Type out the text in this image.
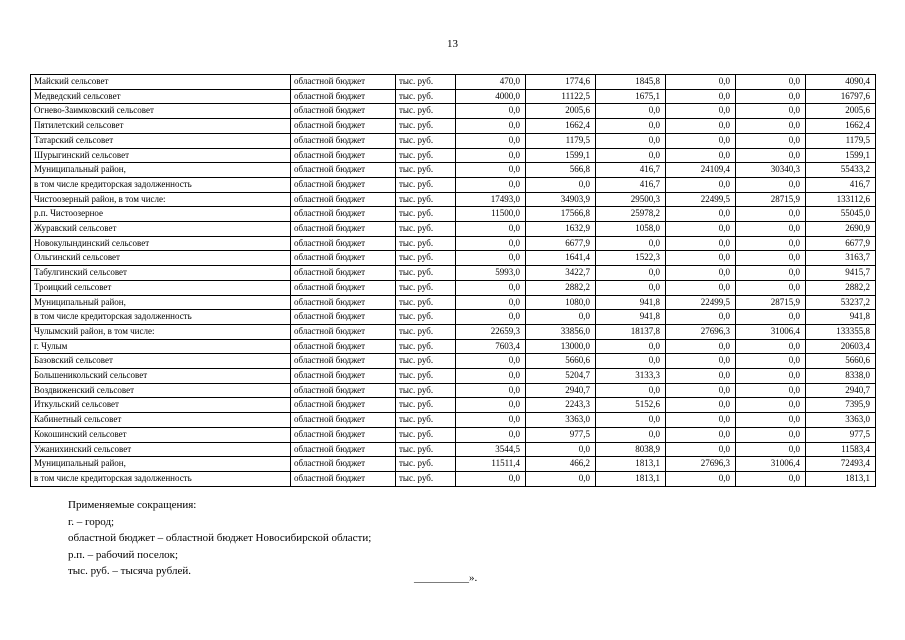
13
Майский сельсовет	областной бюджет	тыс. руб.	470,0	1774,6	1845,8	0,0	0,0	4090,4
Медведский сельсовет	областной бюджет	тыс. руб.	4000,0	11122,5	1675,1	0,0	0,0	16797,6
Огнево-Заимковский сельсовет	областной бюджет	тыс. руб.	0,0	2005,6	0,0	0,0	0,0	2005,6
Пятилетский сельсовет	областной бюджет	тыс. руб.	0,0	1662,4	0,0	0,0	0,0	1662,4
Татарский сельсовет	областной бюджет	тыс. руб.	0,0	1179,5	0,0	0,0	0,0	1179,5
Шурыгинский сельсовет	областной бюджет	тыс. руб.	0,0	1599,1	0,0	0,0	0,0	1599,1
Муниципальный район,	областной бюджет	тыс. руб.	0,0	566,8	416,7	24109,4	30340,3	55433,2
в том числе кредиторская задолженность	областной бюджет	тыс. руб.	0,0	0,0	416,7	0,0	0,0	416,7
Чистоозерный район, в том числе:	областной бюджет	тыс. руб.	17493,0	34903,9	29500,3	22499,5	28715,9	133112,6
р.п. Чистоозерное	областной бюджет	тыс. руб.	11500,0	17566,8	25978,2	0,0	0,0	55045,0
Журавский сельсовет	областной бюджет	тыс. руб.	0,0	1632,9	1058,0	0,0	0,0	2690,9
Новокулындинский сельсовет	областной бюджет	тыс. руб.	0,0	6677,9	0,0	0,0	0,0	6677,9
Ольгинский сельсовет	областной бюджет	тыс. руб.	0,0	1641,4	1522,3	0,0	0,0	3163,7
Табулгинский сельсовет	областной бюджет	тыс. руб.	5993,0	3422,7	0,0	0,0	0,0	9415,7
Троицкий сельсовет	областной бюджет	тыс. руб.	0,0	2882,2	0,0	0,0	0,0	2882,2
Муниципальный район,	областной бюджет	тыс. руб.	0,0	1080,0	941,8	22499,5	28715,9	53237,2
в том числе кредиторская задолженность	областной бюджет	тыс. руб.	0,0	0,0	941,8	0,0	0,0	941,8
Чулымский район, в том числе:	областной бюджет	тыс. руб.	22659,3	33856,0	18137,8	27696,3	31006,4	133355,8
г. Чулым	областной бюджет	тыс. руб.	7603,4	13000,0	0,0	0,0	0,0	20603,4
Базовский сельсовет	областной бюджет	тыс. руб.	0,0	5660,6	0,0	0,0	0,0	5660,6
Большеникольский сельсовет	областной бюджет	тыс. руб.	0,0	5204,7	3133,3	0,0	0,0	8338,0
Воздвиженский сельсовет	областной бюджет	тыс. руб.	0,0	2940,7	0,0	0,0	0,0	2940,7
Иткульский сельсовет	областной бюджет	тыс. руб.	0,0	2243,3	5152,6	0,0	0,0	7395,9
Кабинетный сельсовет	областной бюджет	тыс. руб.	0,0	3363,0	0,0	0,0	0,0	3363,0
Кокошинский сельсовет	областной бюджет	тыс. руб.	0,0	977,5	0,0	0,0	0,0	977,5
Ужанихинский сельсовет	областной бюджет	тыс. руб.	3544,5	0,0	8038,9	0,0	0,0	11583,4
Муниципальный район,	областной бюджет	тыс. руб.	11511,4	466,2	1813,1	27696,3	31006,4	72493,4
в том числе кредиторская задолженность	областной бюджет	тыс. руб.	0,0	0,0	1813,1	0,0	0,0	1813,1
Применяемые сокращения:
г. – город;
областной бюджет – областной бюджет Новосибирской области;
р.п. – рабочий поселок;
тыс. руб. – тысяча рублей.
__________».
